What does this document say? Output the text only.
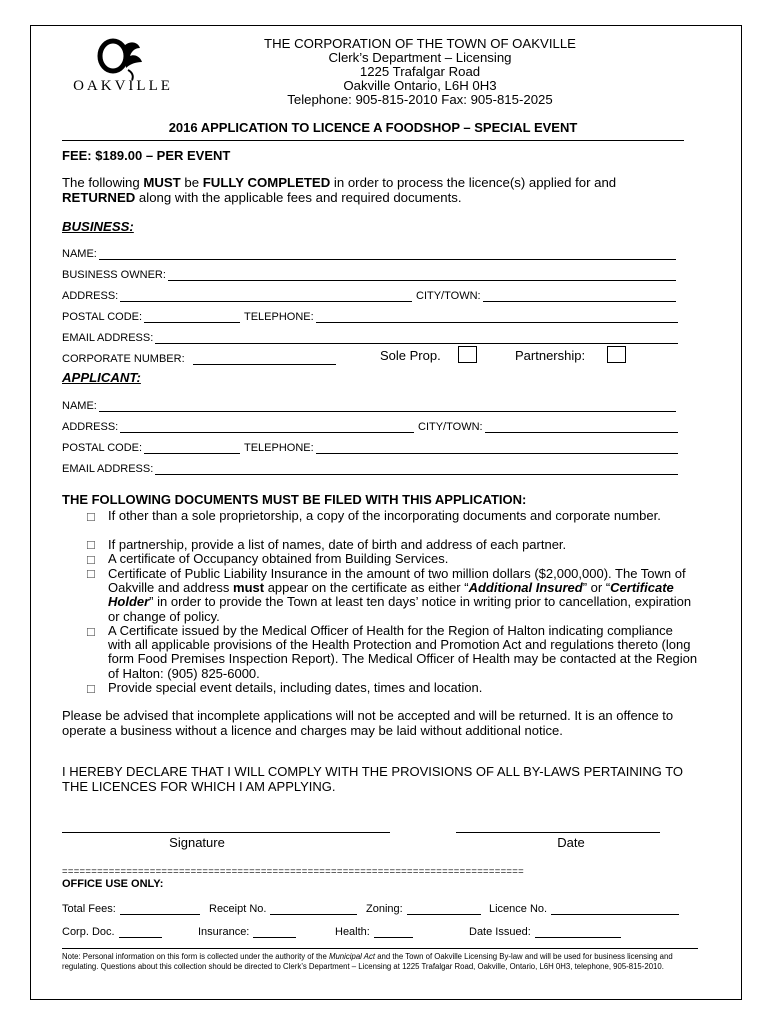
OAKVILLE
THE CORPORATION OF THE TOWN OF OAKVILLE
Clerk’s Department – Licensing
1225 Trafalgar Road
Oakville Ontario, L6H 0H3
Telephone: 905-815-2010 Fax: 905-815-2025
2016 APPLICATION TO LICENCE A FOODSHOP – SPECIAL EVENT
FEE: $189.00 – PER EVENT
The following MUST be FULLY COMPLETED in order to process the licence(s) applied for and RETURNED along with the applicable fees and required documents.
BUSINESS:
NAME:
BUSINESS OWNER:
ADDRESS:	CITY/TOWN:
POSTAL CODE:	TELEPHONE:
EMAIL ADDRESS:
CORPORATE NUMBER:	Sole Prop.	Partnership:
APPLICANT:
NAME:
ADDRESS:	CITY/TOWN:
POSTAL CODE:	TELEPHONE:
EMAIL ADDRESS:
THE FOLLOWING DOCUMENTS MUST BE FILED WITH THIS APPLICATION:
☐ If other than a sole proprietorship, a copy of the incorporating documents and corporate number.
☐ If partnership, provide a list of names, date of birth and address of each partner.
☐ A certificate of Occupancy obtained from Building Services.
☐ Certificate of Public Liability Insurance in the amount of two million dollars ($2,000,000). The Town of Oakville and address must appear on the certificate as either “Additional Insured” or “Certificate Holder” in order to provide the Town at least ten days’ notice in writing prior to cancellation, expiration or change of policy.
☐ A Certificate issued by the Medical Officer of Health for the Region of Halton indicating compliance with all applicable provisions of the Health Protection and Promotion Act and regulations thereto (long form Food Premises Inspection Report). The Medical Officer of Health may be contacted at the Region of Halton: (905) 825-6000.
☐ Provide special event details, including dates, times and location.
Please be advised that incomplete applications will not be accepted and will be returned. It is an offence to operate a business without a licence and charges may be laid without additional notice.
I HEREBY DECLARE THAT I WILL COMPLY WITH THE PROVISIONS OF ALL BY-LAWS PERTAINING TO THE LICENCES FOR WHICH I AM APPLYING.
Signature	Date
===============================================================================
OFFICE USE ONLY:
Total Fees:	Receipt No.	Zoning:	Licence No.
Corp. Doc.	Insurance:	Health:	Date Issued:
Note: Personal information on this form is collected under the authority of the Municipal Act and the Town of Oakville Licensing By-law and will be used for business licensing and regulating. Questions about this collection should be directed to Clerk’s Department – Licensing at 1225 Trafalgar Road, Oakville, Ontario, L6H 0H3, telephone, 905-815-2010.
